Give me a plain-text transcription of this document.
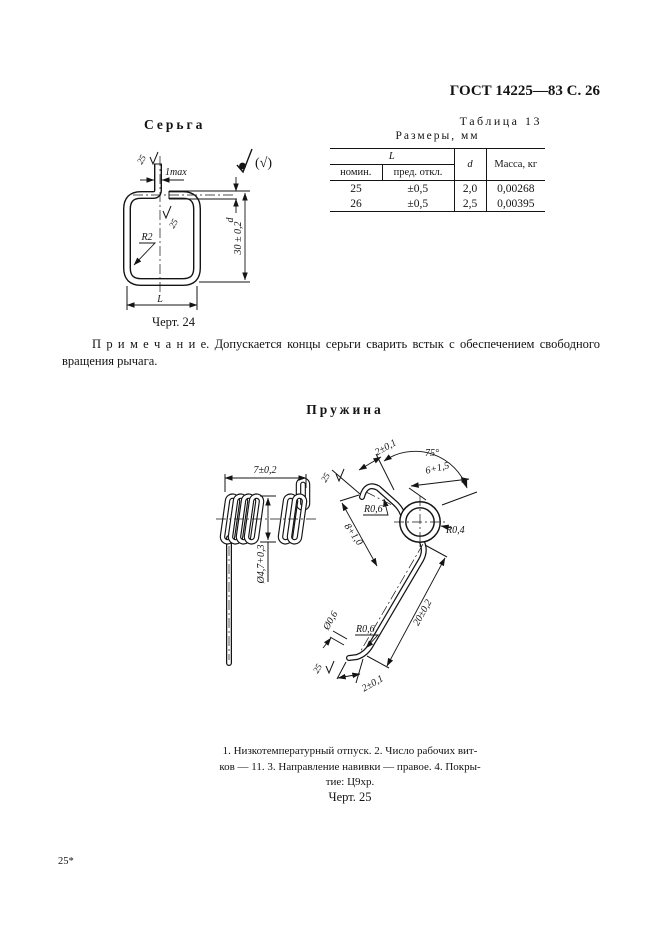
ГОСТ 14225—83 С. 26
Серьга	Таблица 13
Размеры, мм
L		d	Масса, кг
номин.	пред. откл.		
25	±0,5	2,0	0,00268
26	±0,5	2,5	0,00395
(√)
25
1max
d
30 ± 0,2
L
R2
25
Черт. 24

П р и м е ч а н и е. Допускается концы серьги сварить встык с обеспечением свободного вращения рычага.

Пружина
7±0,2
Ø4,7+0,3
25
2±0,1	75°
6+1,5
R0,6
8+1,0	R0,4
20±0,2
Ø0,6 R0,6
25
2±0,1
1. Низкотемпературный отпуск. 2. Число рабочих вит-
ков — 11. 3. Направление навивки — правое. 4. Покры-
тие: Ц9хр.
Черт. 25
25*
